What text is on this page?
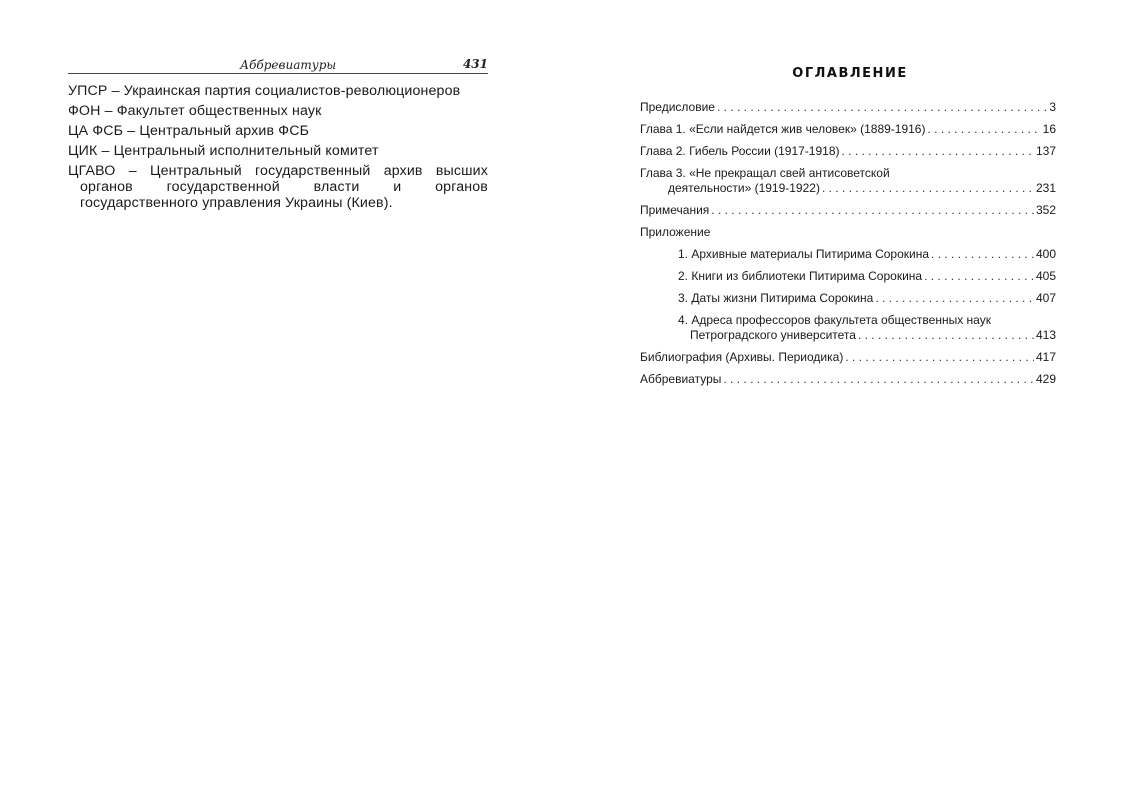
Аббревиатуры	431
УПСР – Украинская партия социалистов-революционеров
ФОН – Факультет общественных наук
ЦА ФСБ – Центральный архив ФСБ
ЦИК – Центральный исполнительный комитет
ЦГАВО – Центральный государственный архив высших органов государственной власти и органов государственного управления Украины (Киев).
ОГЛАВЛЕНИЕ
Предисловие . . .	3
Глава 1. «Если найдется жив человек» (1889-1916) . . .	16
Глава 2. Гибель России (1917-1918) . . .	137
Глава 3. «Не прекращал свей антисоветской
деятельности» (1919-1922) . . .	231
Примечания . . .	352
Приложение
1. Архивные материалы Питирима Сорокина . . .	400
2. Книги из библиотеки Питирима Сорокина . . .	405
3. Даты жизни Питирима Сорокина . . .	407
4. Адреса профессоров факультета общественных наук
Петроградского университета . . .	413
Библиография (Архивы. Периодика) . . .	417
Аббревиатуры . . .	429
